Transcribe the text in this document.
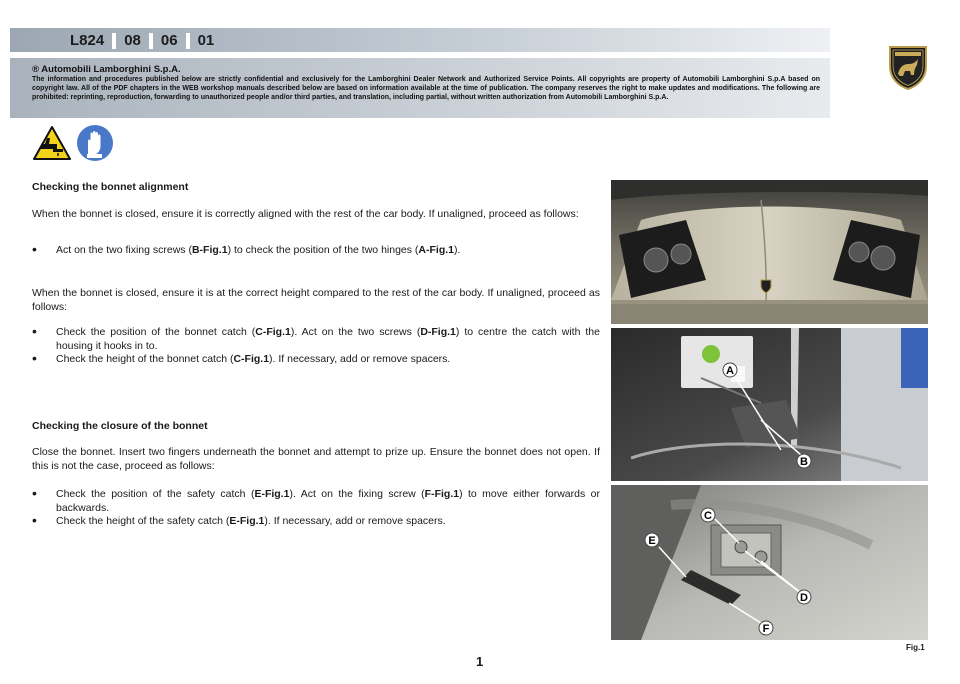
L824	08	06	01
® Automobili Lamborghini S.p.A.
The information and procedures published below are strictly confidential and exclusively for the Lamborghini Dealer Network and Authorized Service Points. All copyrights are property of Automobili Lamborghini S.p.A based on copyright law. All of the PDF chapters in the WEB workshop manuals described below are based on information available at the time of publication. The company reserves the right to make updates and modifications. The following are prohibited: reprinting, reproduction, forwarding to unauthorized people and/or third parties, and translation, including partial, without written authorization from Automobili Lamborghini S.p.A.
Checking the bonnet alignment
When the bonnet is closed, ensure it is correctly aligned with the rest of the car body. If unaligned, proceed as follows:
• Act on the two fixing screws (B-Fig.1) to check the position of the two hinges (A-Fig.1).
When the bonnet is closed, ensure it is at the correct height compared to the rest of the car body. If unaligned, proceed as follows:
• Check the position of the bonnet catch (C-Fig.1). Act on the two screws (D-Fig.1) to centre the catch with the housing it hooks in to.
• Check the height of the bonnet catch (C-Fig.1). If necessary, add or remove spacers.
Checking the closure of the bonnet
Close the bonnet. Insert two fingers underneath the bonnet and attempt to prize up. Ensure the bonnet does not open. If this is not the case, proceed as follows:
• Check the position of the safety catch (E-Fig.1). Act on the fixing screw (F-Fig.1) to move either forwards or backwards.
• Check the height of the safety catch (E-Fig.1). If necessary, add or remove spacers.
A
B
C
D
E
F
Fig.1
1
